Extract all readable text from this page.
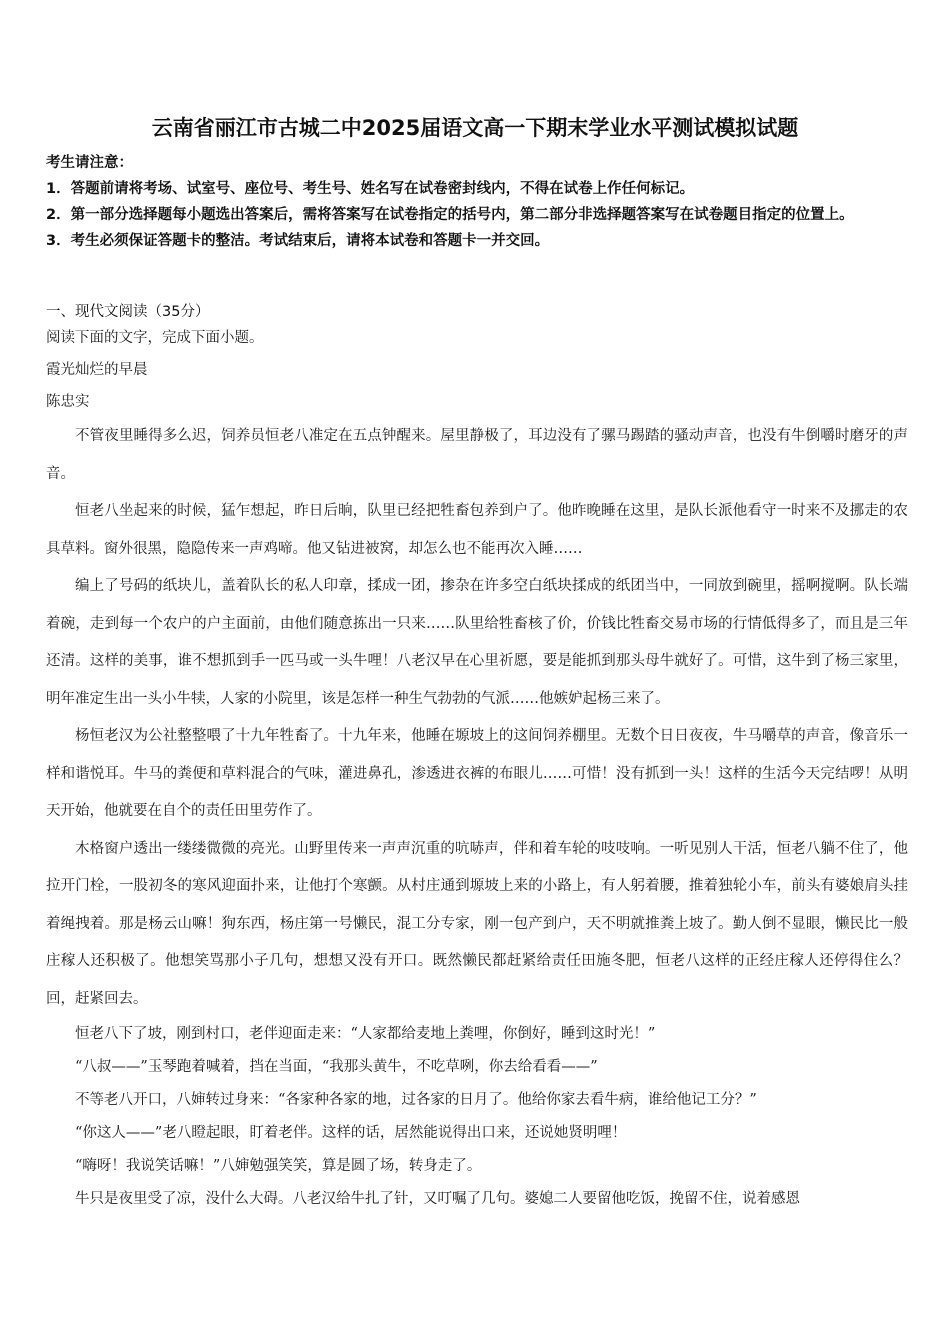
云南省丽江市古城二中2025届语文高一下期末学业水平测试模拟试题
考生请注意：
1．答题前请将考场、试室号、座位号、考生号、姓名写在试卷密封线内，不得在试卷上作任何标记。
2．第一部分选择题每小题选出答案后，需将答案写在试卷指定的括号内，第二部分非选择题答案写在试卷题目指定的位置上。
3．考生必须保证答题卡的整洁。考试结束后，请将本试卷和答题卡一并交回。
一、现代文阅读（35分）
阅读下面的文字，完成下面小题。
霞光灿烂的早晨
陈忠实

不管夜里睡得多么迟，饲养员恒老八准定在五点钟醒来。屋里静极了，耳边没有了骡马踢踏的骚动声音，也没有牛倒嚼时磨牙的声音。

恒老八坐起来的时候，猛乍想起，昨日后晌，队里已经把牲畜包养到户了。他昨晚睡在这里，是队长派他看守一时来不及挪走的农具草料。窗外很黑，隐隐传来一声鸡啼。他又钻进被窝，却怎么也不能再次入睡……

编上了号码的纸块儿，盖着队长的私人印章，揉成一团，掺杂在许多空白纸块揉成的纸团当中，一同放到碗里，摇啊搅啊。队长端着碗，走到每一个农户的户主面前，由他们随意拣出一只来……队里给牲畜核了价，价钱比牲畜交易市场的行情低得多了，而且是三年还清。这样的美事，谁不想抓到手一匹马或一头牛哩！八老汉早在心里祈愿，要是能抓到那头母牛就好了。可惜，这牛到了杨三家里，明年准定生出一头小牛犊，人家的小院里，该是怎样一种生气勃勃的气派……他嫉妒起杨三来了。

杨恒老汉为公社整整喂了十九年牲畜了。十九年来，他睡在塬坡上的这间饲养棚里。无数个日日夜夜，牛马嚼草的声音，像音乐一样和谐悦耳。牛马的粪便和草料混合的气味，灌进鼻孔，渗透进衣裤的布眼儿……可惜！没有抓到一头！这样的生活今天完结啰！从明天开始，他就要在自个的责任田里劳作了。

木格窗户透出一缕缕微微的亮光。山野里传来一声声沉重的吭哧声，伴和着车轮的吱吱响。一听见别人干活，恒老八躺不住了，他拉开门栓，一股初冬的寒风迎面扑来，让他打个寒颤。从村庄通到塬坡上来的小路上，有人躬着腰，推着独轮小车，前头有婆娘肩头挂着绳拽着。那是杨云山嘛！狗东西，杨庄第一号懒民，混工分专家，刚一包产到户，天不明就推粪上坡了。勤人倒不显眼，懒民比一般庄稼人还积极了。他想笑骂那小子几句，想想又没有开口。既然懒民都赶紧给责任田施冬肥，恒老八这样的正经庄稼人还停得住么？回，赶紧回去。

恒老八下了坡，刚到村口，老伴迎面走来：“人家都给麦地上粪哩，你倒好，睡到这时光！”

“八叔——”玉琴跑着喊着，挡在当面，“我那头黄牛，不吃草咧，你去给看看——”

不等老八开口，八婶转过身来：“各家种各家的地，过各家的日月了。他给你家去看牛病，谁给他记工分？”

“你这人——”老八瞪起眼，盯着老伴。这样的话，居然能说得出口来，还说她贤明哩！

“嗨呀！我说笑话嘛！”八婶勉强笑笑，算是圆了场，转身走了。

牛只是夜里受了凉，没什么大碍。八老汉给牛扎了针，又叮嘱了几句。婆媳二人要留他吃饭，挽留不住，说着感恩
